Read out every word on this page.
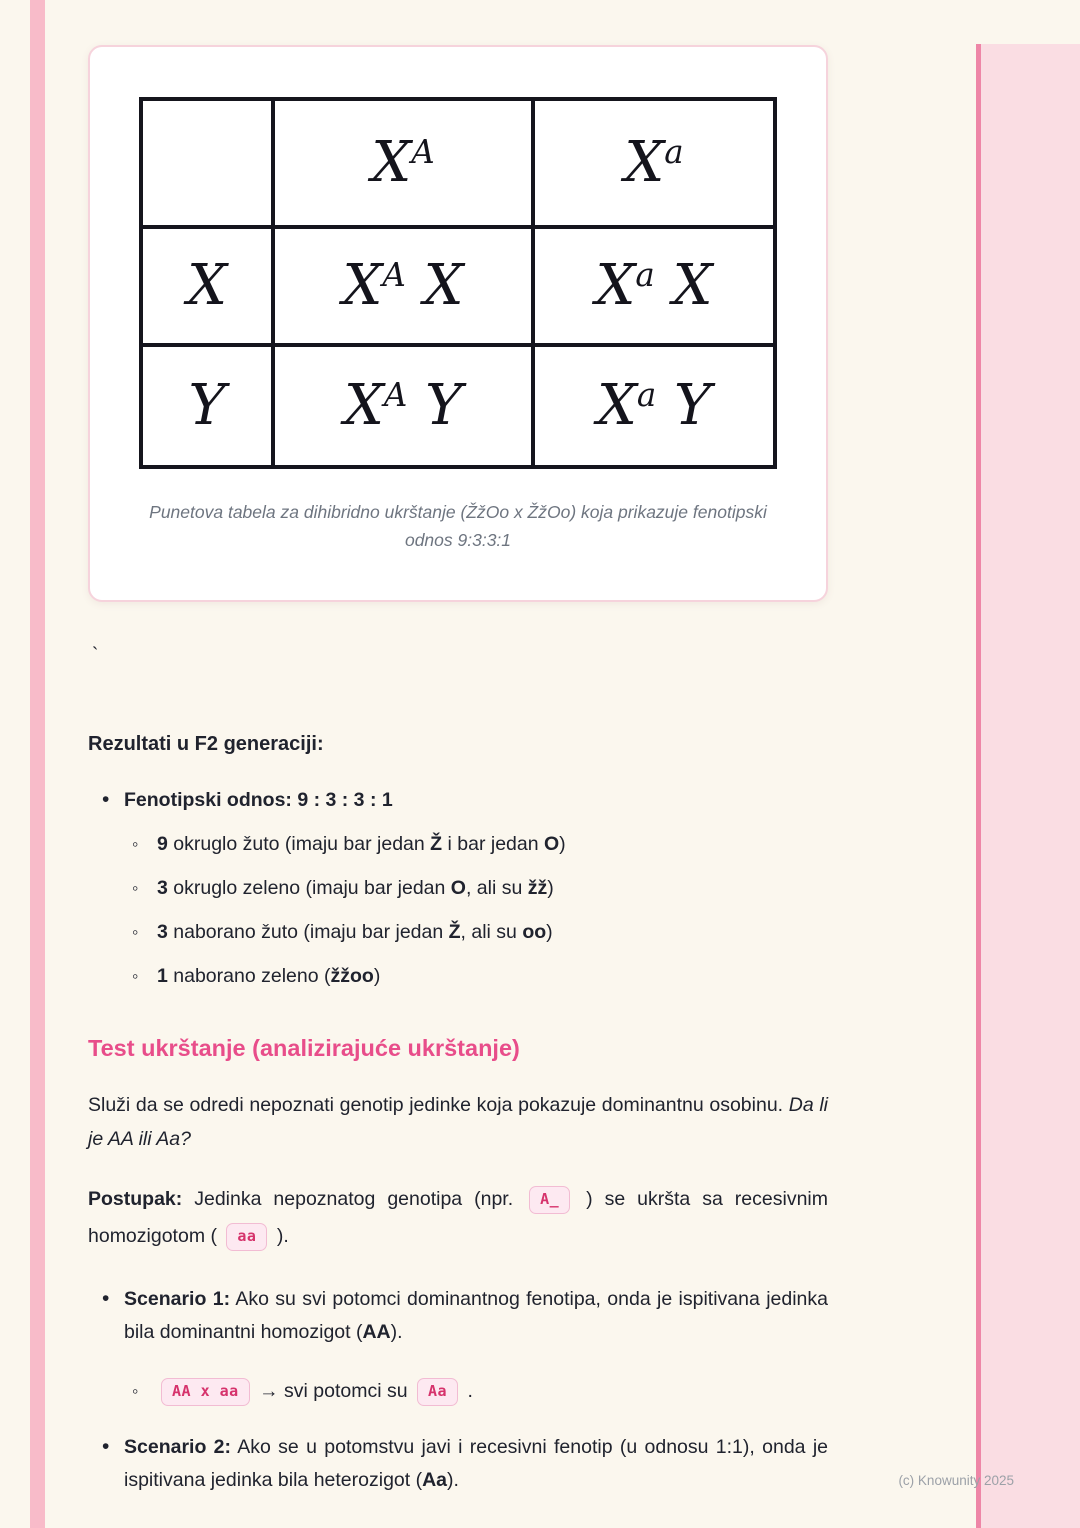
	$X^A$	$X^a$
X	$X^A$ X	$X^a$ X
Y	$X^A$ Y	$X^a$ Y
Punetova tabela za dihibridno ukrštanje (ŽžOo x ŽžOo) koja prikazuje fenotipski odnos 9:3:3:1
`
Rezultati u F2 generaciji:
• Fenotipski odnos: 9 : 3 : 3 : 1
◦ 9 okruglo žuto (imaju bar jedan Ž i bar jedan O)
◦ 3 okruglo zeleno (imaju bar jedan O, ali su žž)
◦ 3 naborano žuto (imaju bar jedan Ž, ali su oo)
◦ 1 naborano zeleno (žžoo)
Test ukrštanje (analizirajuće ukrštanje)
Služi da se odredi nepoznati genotip jedinke koja pokazuje dominantnu osobinu. Da li je AA ili Aa?
Postupak: Jedinka nepoznatog genotipa (npr. A_ ) se ukršta sa recesivnim homozigotom ( aa ).
• Scenario 1: Ako su svi potomci dominantnog fenotipa, onda je ispitivana jedinka bila dominantni homozigot (AA).
◦ AA x aa → svi potomci su Aa .
• Scenario 2: Ako se u potomstvu javi i recesivni fenotip (u odnosu 1:1), onda je ispitivana jedinka bila heterozigot (Aa).	(c) Knowunity 2025
